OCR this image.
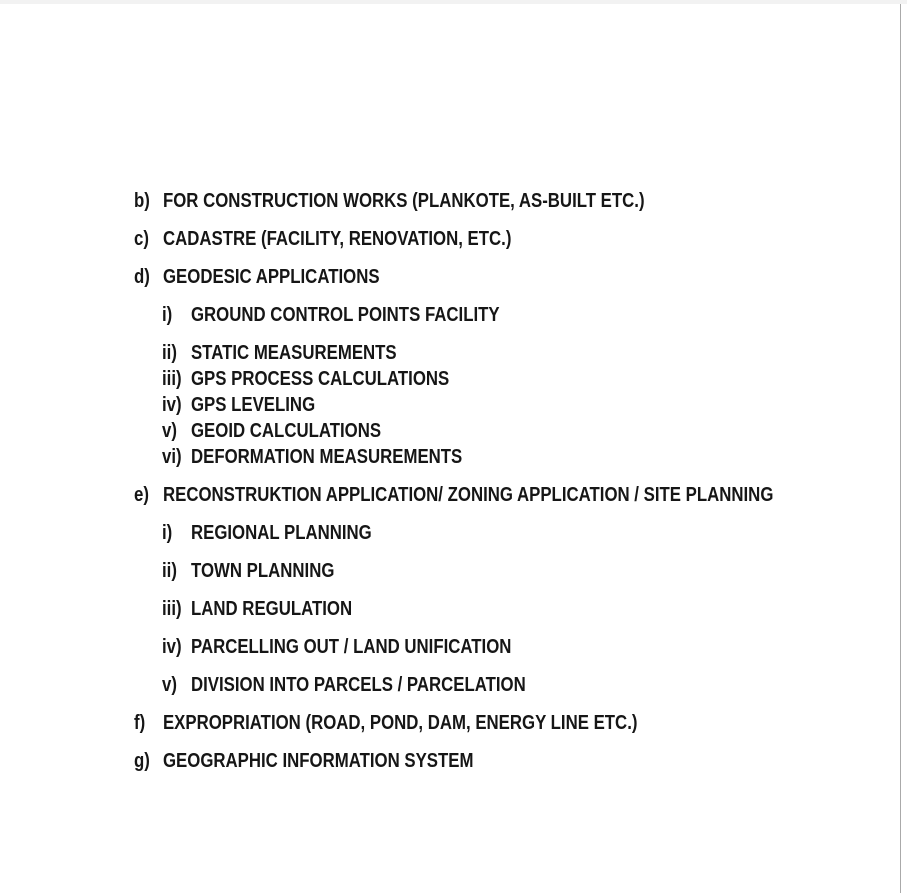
b) FOR CONSTRUCTION WORKS (PLANKOTE, AS-BUILT ETC.)
c) CADASTRE (FACILITY, RENOVATION, ETC.)
d) GEODESIC APPLICATIONS
i) GROUND CONTROL POINTS FACILITY
ii) STATIC MEASUREMENTS
iii) GPS PROCESS CALCULATIONS
iv) GPS LEVELING
v) GEOID CALCULATIONS
vi) DEFORMATION MEASUREMENTS
e) RECONSTRUKTION APPLICATION/ ZONING APPLICATION / SITE PLANNING
i) REGIONAL PLANNING
ii) TOWN PLANNING
iii) LAND REGULATION
iv) PARCELLING OUT / LAND UNIFICATION
v) DIVISION INTO PARCELS / PARCELATION
f) EXPROPRIATION (ROAD, POND, DAM, ENERGY LINE ETC.)
g) GEOGRAPHIC INFORMATION SYSTEM
